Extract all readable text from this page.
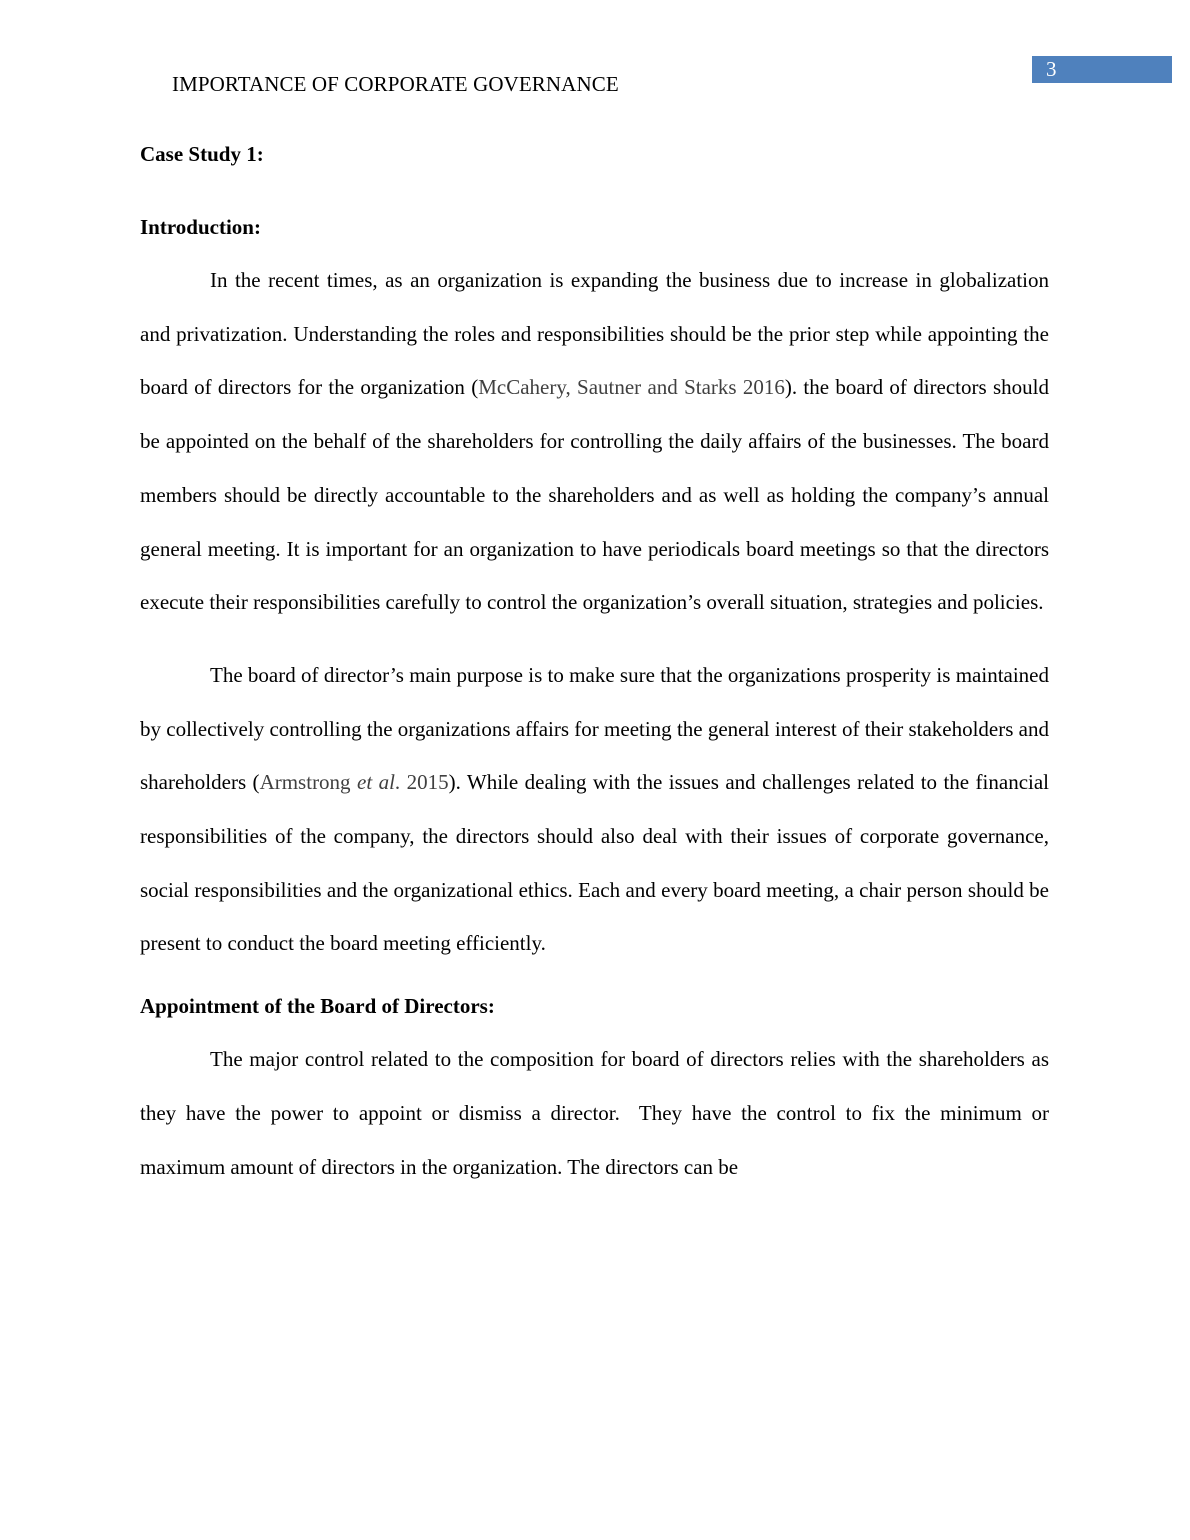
IMPORTANCE OF CORPORATE GOVERNANCE
3

Case Study 1:

Introduction:

In the recent times, as an organization is expanding the business due to increase in globalization and privatization. Understanding the roles and responsibilities should be the prior step while appointing the board of directors for the organization (McCahery, Sautner and Starks 2016). the board of directors should be appointed on the behalf of the shareholders for controlling the daily affairs of the businesses. The board members should be directly accountable to the shareholders and as well as holding the company’s annual general meeting. It is important for an organization to have periodicals board meetings so that the directors execute their responsibilities carefully to control the organization’s overall situation, strategies and policies.

The board of director’s main purpose is to make sure that the organizations prosperity is maintained by collectively controlling the organizations affairs for meeting the general interest of their stakeholders and shareholders (Armstrong et al. 2015). While dealing with the issues and challenges related to the financial responsibilities of the company, the directors should also deal with their issues of corporate governance, social responsibilities and the organizational ethics. Each and every board meeting, a chair person should be present to conduct the board meeting efficiently.

Appointment of the Board of Directors:

The major control related to the composition for board of directors relies with the shareholders as they have the power to appoint or dismiss a director.  They have the control to fix the minimum or maximum amount of directors in the organization. The directors can be
